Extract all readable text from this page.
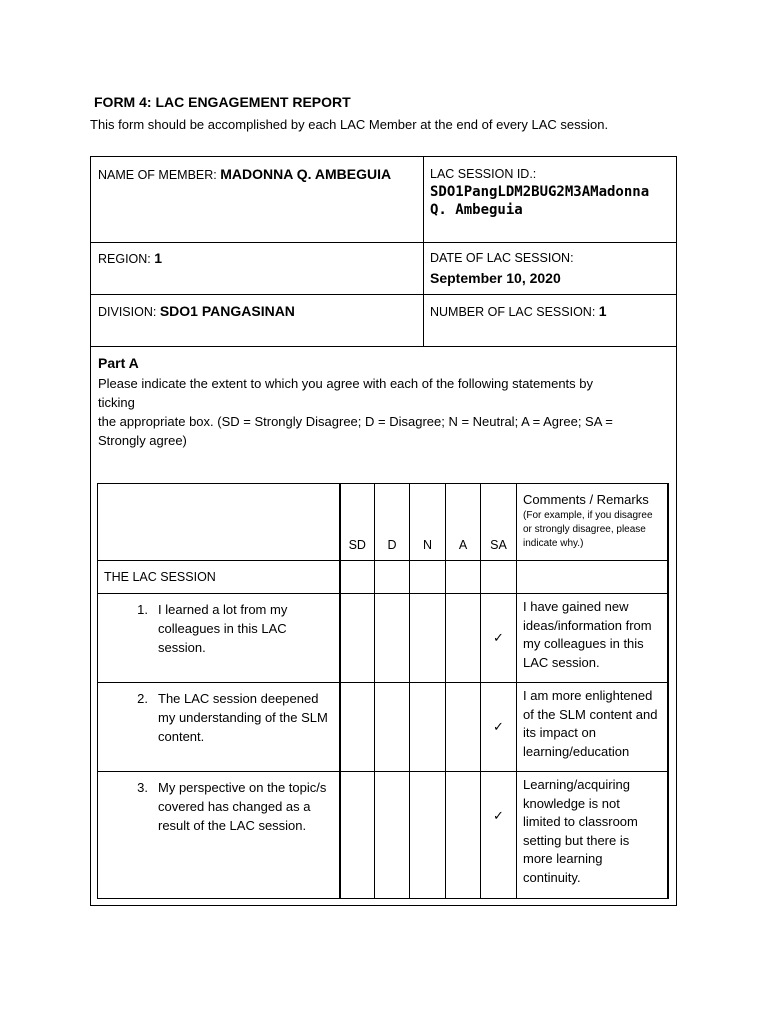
FORM 4: LAC ENGAGEMENT REPORT
This form should be accomplished by each LAC Member at the end of every LAC session.
NAME OF MEMBER: MADONNA Q. AMBEGUIA	LAC SESSION ID.:
SDO1PangLDM2BUG2M3AMadonna Q. Ambeguia
REGION: 1	DATE OF LAC SESSION:
September 10, 2020
DIVISION: SDO1 PANGASINAN	NUMBER OF LAC SESSION: 1
Part A
Please indicate the extent to which you agree with each of the following statements by
ticking
the appropriate box. (SD = Strongly Disagree; D = Disagree; N = Neutral; A = Agree; SA =
Strongly agree)
	SD	D	N	A	SA	Comments / Remarks
(For example, if you disagree or strongly disagree, please indicate why.)

THE LAC SESSION						

1. I learned a lot from my colleagues in this LAC session.					✓	I have gained new ideas/information from my colleagues in this LAC session.

2. The LAC session deepened my understanding of the SLM content.					✓	I am more enlightened of the SLM content and its impact on learning/education

3. My perspective on the topic/s covered has changed as a result of the LAC session.					✓	Learning/acquiring knowledge is not limited to classroom setting but there is more learning continuity.
